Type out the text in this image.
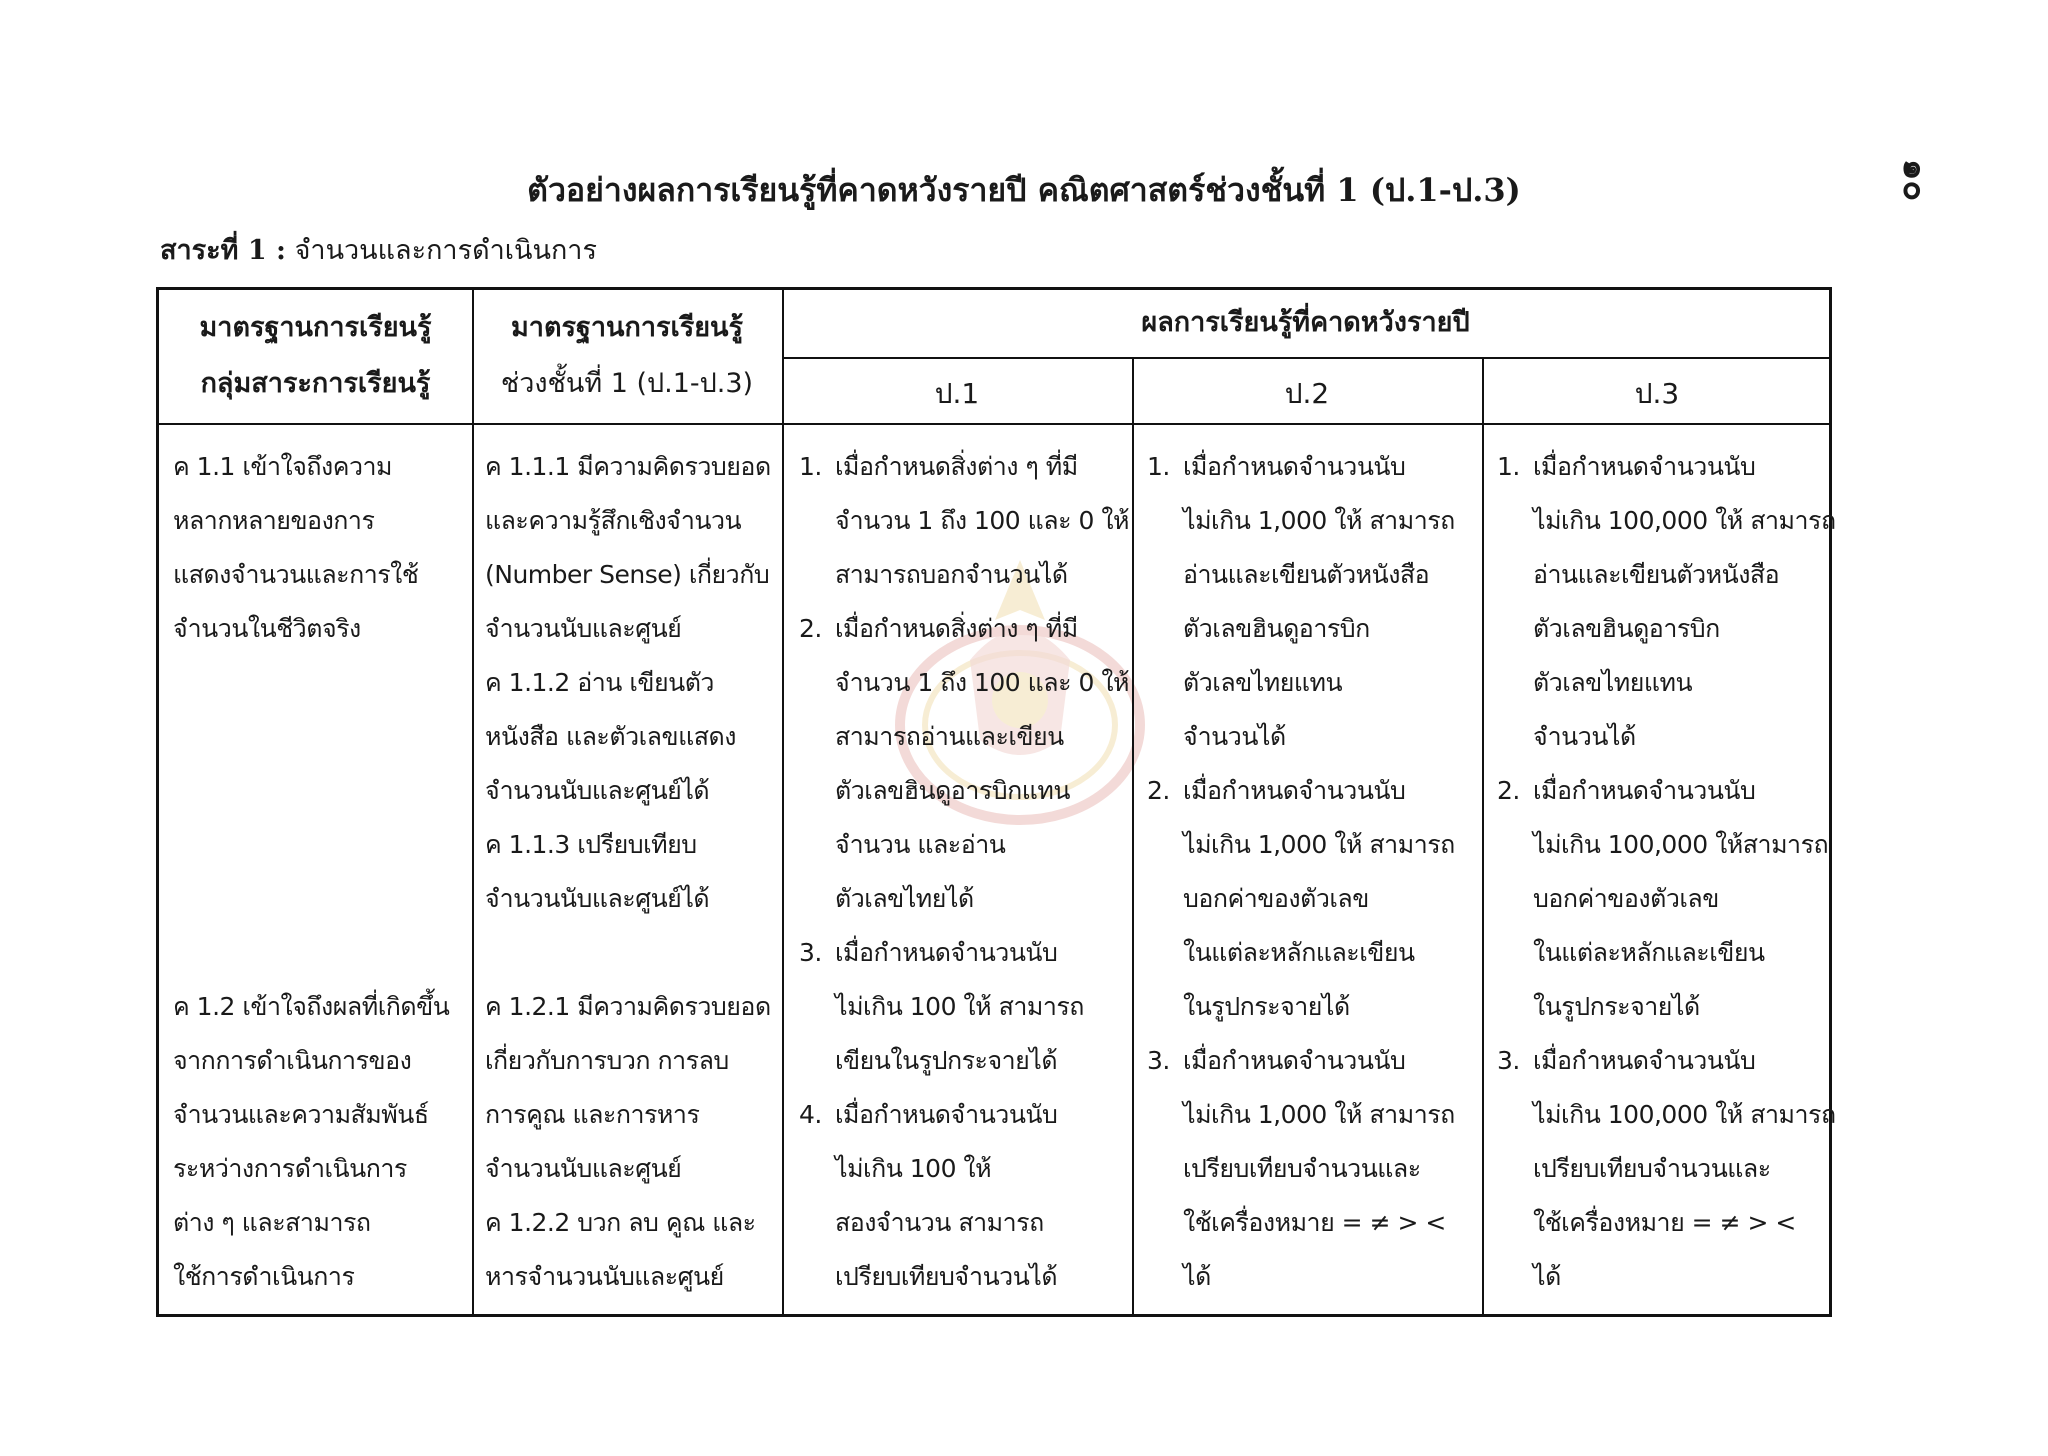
๑๐
ตัวอย่างผลการเรียนรู้ที่คาดหวังรายปี คณิตศาสตร์ช่วงชั้นที่ 1 (ป.1-ป.3)
สาระที่ 1 : จำนวนและการดำเนินการ
มาตรฐานการเรียนรู้
กลุ่มสาระการเรียนรู้
มาตรฐานการเรียนรู้
ช่วงชั้นที่ 1 (ป.1-ป.3)
ผลการเรียนรู้ที่คาดหวังรายปี
ป.1	ป.2	ป.3
ค 1.1 เข้าใจถึงความ
หลากหลายของการ
แสดงจำนวนและการใช้
จำนวนในชีวิตจริง
ค 1.2 เข้าใจถึงผลที่เกิดขึ้น
จากการดำเนินการของ
จำนวนและความสัมพันธ์
ระหว่างการดำเนินการ
ต่าง ๆ และสามารถ
ใช้การดำเนินการ
ค 1.1.1 มีความคิดรวบยอด
และความรู้สึกเชิงจำนวน
(Number Sense) เกี่ยวกับ
จำนวนนับและศูนย์
ค 1.1.2 อ่าน เขียนตัว
หนังสือ และตัวเลขแสดง
จำนวนนับและศูนย์ได้
ค 1.1.3 เปรียบเทียบ
จำนวนนับและศูนย์ได้
ค 1.2.1 มีความคิดรวบยอด
เกี่ยวกับการบวก การลบ
การคูณ และการหาร
จำนวนนับและศูนย์
ค 1.2.2 บวก ลบ คูณ และ
หารจำนวนนับและศูนย์
1. เมื่อกำหนดสิ่งต่าง ๆ ที่มี
จำนวน 1 ถึง 100 และ 0 ให้
สามารถบอกจำนวนได้
2. เมื่อกำหนดสิ่งต่าง ๆ ที่มี
จำนวน 1 ถึง 100 และ 0 ให้
สามารถอ่านและเขียน
ตัวเลขฮินดูอารบิกแทน
จำนวน และอ่าน
ตัวเลขไทยได้
3. เมื่อกำหนดจำนวนนับ
ไม่เกิน 100 ให้ สามารถ
เขียนในรูปกระจายได้
4. เมื่อกำหนดจำนวนนับ
ไม่เกิน 100 ให้
สองจำนวน สามารถ
เปรียบเทียบจำนวนได้
1. เมื่อกำหนดจำนวนนับ
ไม่เกิน 1,000 ให้ สามารถ
อ่านและเขียนตัวหนังสือ
ตัวเลขฮินดูอารบิก
ตัวเลขไทยแทน
จำนวนได้
2. เมื่อกำหนดจำนวนนับ
ไม่เกิน 1,000 ให้ สามารถ
บอกค่าของตัวเลข
ในแต่ละหลักและเขียน
ในรูปกระจายได้
3. เมื่อกำหนดจำนวนนับ
ไม่เกิน 1,000 ให้ สามารถ
เปรียบเทียบจำนวนและ
ใช้เครื่องหมาย = ≠ > <
ได้
1. เมื่อกำหนดจำนวนนับ
ไม่เกิน 100,000 ให้ สามารถ
อ่านและเขียนตัวหนังสือ
ตัวเลขฮินดูอารบิก
ตัวเลขไทยแทน
จำนวนได้
2. เมื่อกำหนดจำนวนนับ
ไม่เกิน 100,000 ให้สามารถ
บอกค่าของตัวเลข
ในแต่ละหลักและเขียน
ในรูปกระจายได้
3. เมื่อกำหนดจำนวนนับ
ไม่เกิน 100,000 ให้ สามารถ
เปรียบเทียบจำนวนและ
ใช้เครื่องหมาย = ≠ > <
ได้
